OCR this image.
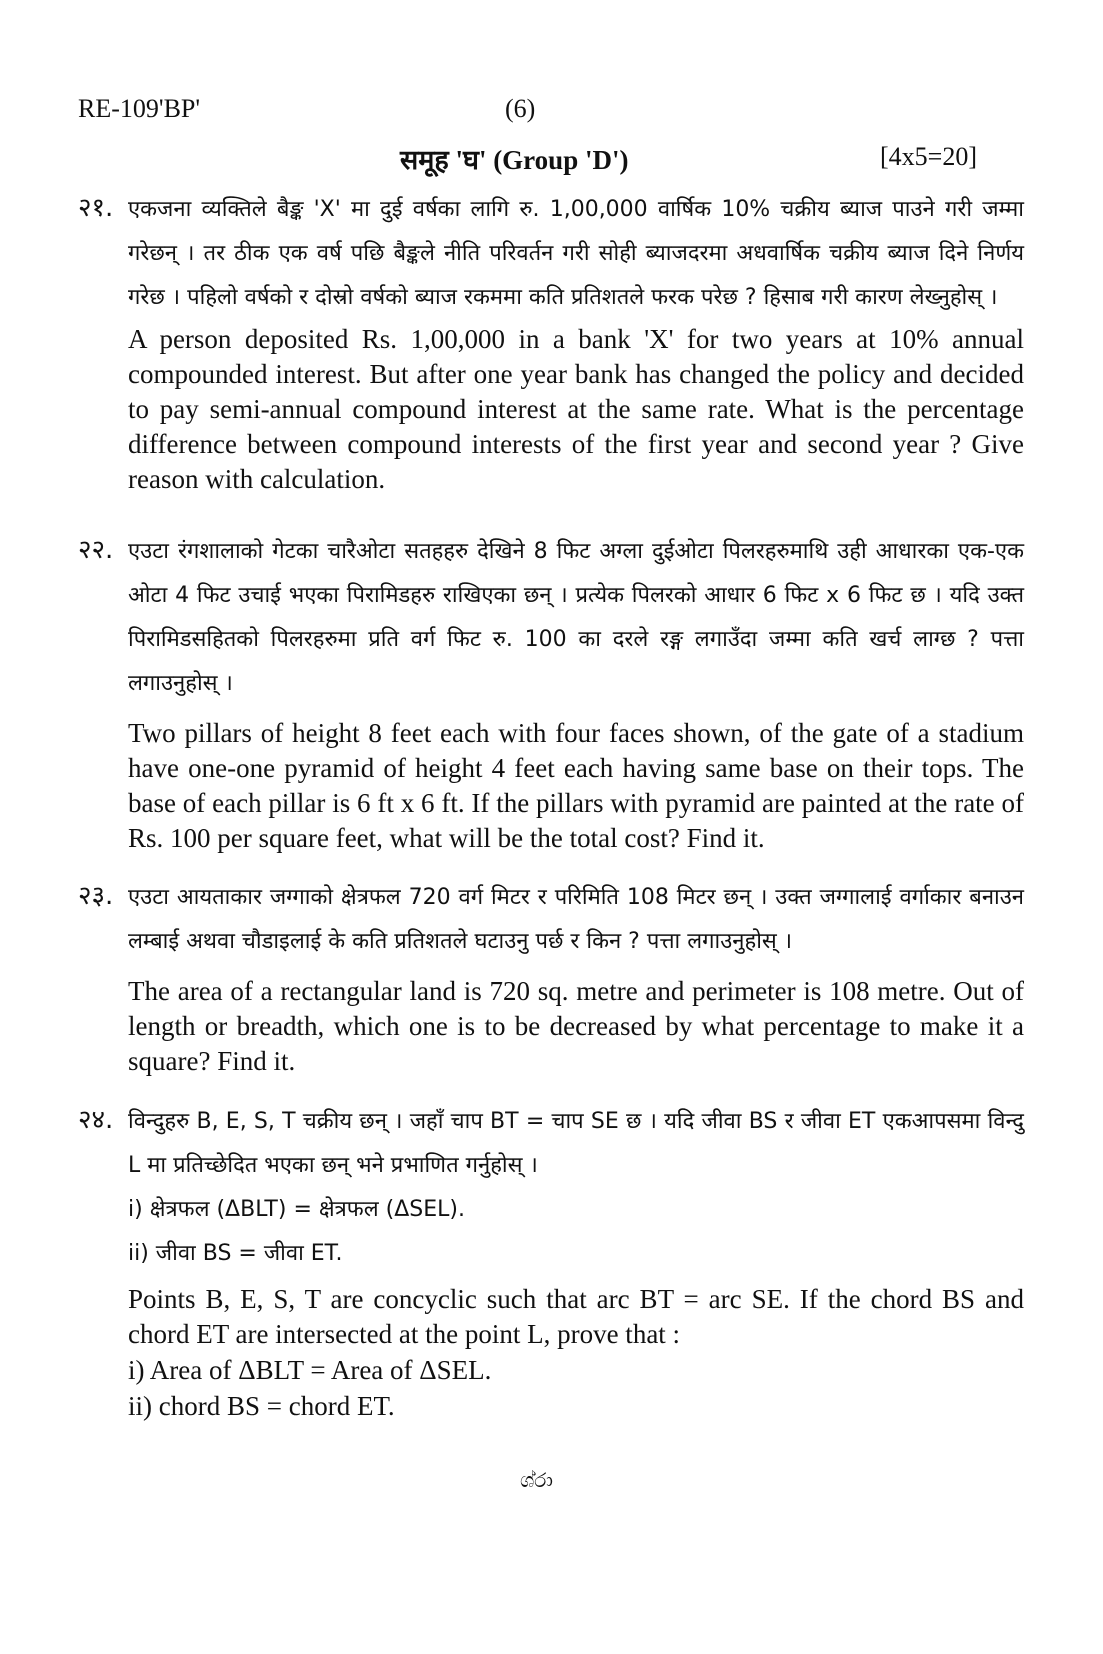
RE-109'BP'	(6)
समूह 'घ' (Group 'D')	[4x5=20]
२१. एकजना व्यक्तिले बैङ्क 'X' मा दुई वर्षका लागि रु. 1,00,000 वार्षिक 10% चक्रीय ब्याज पाउने गरी जम्मा गरेछन् । तर ठीक एक वर्ष पछि बैङ्कले नीति परिवर्तन गरी सोही ब्याजदरमा अधवार्षिक चक्रीय ब्याज दिने निर्णय गरेछ । पहिलो वर्षको र दोस्रो वर्षको ब्याज रकममा कति प्रतिशतले फरक परेछ ? हिसाब गरी कारण लेख्नुहोस् ।
A person deposited Rs. 1,00,000 in a bank 'X' for two years at 10% annual compounded interest. But after one year bank has changed the policy and decided to pay semi-annual compound interest at the same rate. What is the percentage difference between compound interests of the first year and second year ? Give reason with calculation.
२२. एउटा रंगशालाको गेटका चारैओटा सतहहरु देखिने 8 फिट अग्ला दुईओटा पिलरहरुमाथि उही आधारका एक-एक ओटा 4 फिट उचाई भएका पिरामिडहरु राखिएका छन् । प्रत्येक पिलरको आधार 6 फिट x 6 फिट छ । यदि उक्त पिरामिडसहितको पिलरहरुमा प्रति वर्ग फिट रु. 100 का दरले रङ्ग लगाउँदा जम्मा कति खर्च लाग्छ ? पत्ता लगाउनुहोस् ।
Two pillars of height 8 feet each with four faces shown, of the gate of a stadium have one-one pyramid of height 4 feet each having same base on their tops. The base of each pillar is 6 ft x 6 ft. If the pillars with pyramid are painted at the rate of Rs. 100 per square feet, what will be the total cost? Find it.
२३. एउटा आयताकार जग्गाको क्षेत्रफल 720 वर्ग मिटर र परिमिति 108 मिटर छन् । उक्त जग्गालाई वर्गाकार बनाउन लम्बाई अथवा चौडाइलाई के कति प्रतिशतले घटाउनु पर्छ र किन ? पत्ता लगाउनुहोस् ।
The area of a rectangular land is 720 sq. metre and perimeter is 108 metre. Out of length or breadth, which one is to be decreased by what percentage to make it a square? Find it.
२४. विन्दुहरु B, E, S, T चक्रीय छन् । जहाँ चाप BT = चाप SE छ । यदि जीवा BS र जीवा ET एकआपसमा विन्दु L मा प्रतिच्छेदित भएका छन् भने प्रभाणित गर्नुहोस् ।
i) क्षेत्रफल (ΔBLT) = क्षेत्रफल (ΔSEL).
ii) जीवा BS = जीवा ET.
Points B, E, S, T are concyclic such that arc BT = arc SE. If the chord BS and chord ET are intersected at the point L, prove that :
i) Area of ΔBLT = Area of ΔSEL.
ii) chord BS = chord ET.
ශ්රා
